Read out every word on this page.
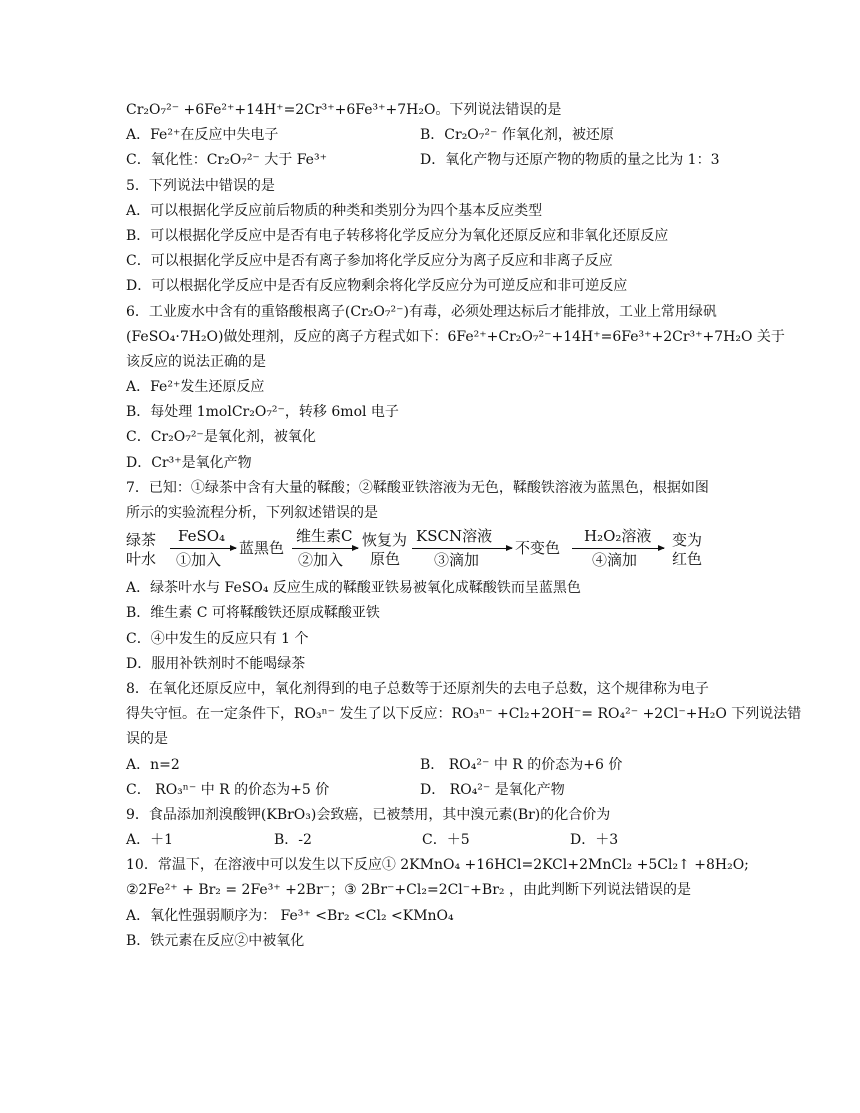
Cr₂O₇²⁻ +6Fe²⁺+14H⁺=2Cr³⁺+6Fe³⁺+7H₂O。下列说法错误的是
A．Fe²⁺在反应中失电子	B．Cr₂O₇²⁻ 作氧化剂，被还原
C．氧化性：Cr₂O₇²⁻ 大于 Fe³⁺	D．氧化产物与还原产物的物质的量之比为 1：3
5．下列说法中错误的是
A．可以根据化学反应前后物质的种类和类别分为四个基本反应类型
B．可以根据化学反应中是否有电子转移将化学反应分为氧化还原反应和非氧化还原反应
C．可以根据化学反应中是否有离子参加将化学反应分为离子反应和非离子反应
D．可以根据化学反应中是否有反应物剩余将化学反应分为可逆反应和非可逆反应
6．工业废水中含有的重铬酸根离子(Cr₂O₇²⁻)有毒，必须处理达标后才能排放，工业上常用绿矾
(FeSO₄·7H₂O)做处理剂，反应的离子方程式如下：6Fe²⁺+Cr₂O₇²⁻+14H⁺=6Fe³⁺+2Cr³⁺+7H₂O 关于
该反应的说法正确的是
A．Fe²⁺发生还原反应
B．每处理 1molCr₂O₇²⁻，转移 6mol 电子
C．Cr₂O₇²⁻是氧化剂，被氧化
D．Cr³⁺是氧化产物
7．已知：①绿茶中含有大量的鞣酸；②鞣酸亚铁溶液为无色，鞣酸铁溶液为蓝黑色，根据如图
所示的实验流程分析，下列叙述错误的是
绿茶
叶水
FeSO₄
①加入
蓝黑色
维生素C
②加入
恢复为
原色
KSCN溶液
③滴加
不变色
H₂O₂溶液
④滴加
变为
红色
A．绿茶叶水与 FeSO₄ 反应生成的鞣酸亚铁易被氧化成鞣酸铁而呈蓝黑色
B．维生素 C 可将鞣酸铁还原成鞣酸亚铁
C．④中发生的反应只有 1 个
D．服用补铁剂时不能喝绿茶
8．在氧化还原反应中，氧化剂得到的电子总数等于还原剂失的去电子总数，这个规律称为电子
得失守恒。在一定条件下，RO₃ⁿ⁻ 发生了以下反应：RO₃ⁿ⁻ +Cl₂+2OH⁻= RO₄²⁻ +2Cl⁻+H₂O 下列说法错
误的是
A．n=2	B． RO₄²⁻ 中 R 的价态为+6 价
C． RO₃ⁿ⁻ 中 R 的价态为+5 价	D． RO₄²⁻ 是氧化产物
9．食品添加剂溴酸钾(KBrO₃)会致癌，已被禁用，其中溴元素(Br)的化合价为
A．＋1	B．-2	C．＋5	D．＋3
10．常温下，在溶液中可以发生以下反应① 2KMnO₄ +16HCl=2KCl+2MnCl₂ +5Cl₂↑ +8H₂O;
②2Fe²⁺ + Br₂ = 2Fe³⁺ +2Br⁻；③ 2Br⁻+Cl₂=2Cl⁻+Br₂ ，由此判断下列说法错误的是
A．氧化性强弱顺序为： Fe³⁺ <Br₂ <Cl₂ <KMnO₄
B．铁元素在反应②中被氧化
